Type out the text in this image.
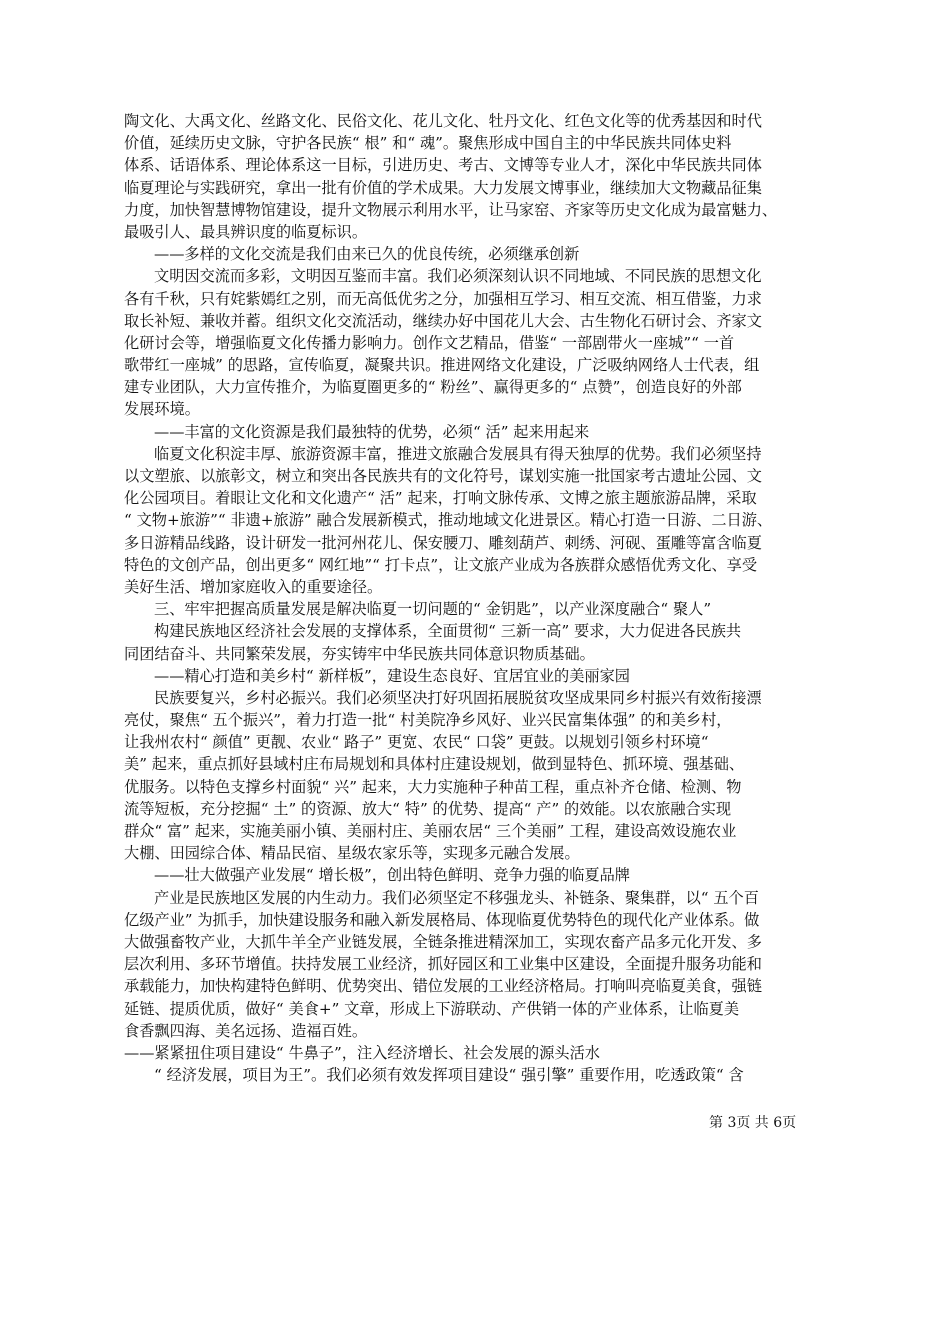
陶文化、大禹文化、丝路文化、民俗文化、花儿文化、牡丹文化、红色文化等的优秀基因和时代
价值，延续历史文脉，守护各民族“ 根” 和“ 魂”。聚焦形成中国自主的中华民族共同体史料
体系、话语体系、理论体系这一目标，引进历史、考古、文博等专业人才，深化中华民族共同体
临夏理论与实践研究，拿出一批有价值的学术成果。大力发展文博事业，继续加大文物藏品征集
力度，加快智慧博物馆建设，提升文物展示利用水平，让马家窑、齐家等历史文化成为最富魅力、
最吸引人、最具辨识度的临夏标识。
——多样的文化交流是我们由来已久的优良传统，必须继承创新
文明因交流而多彩，文明因互鉴而丰富。我们必须深刻认识不同地域、不同民族的思想文化
各有千秋，只有姹紫嫣红之别，而无高低优劣之分，加强相互学习、相互交流、相互借鉴，力求
取长补短、兼收并蓄。组织文化交流活动，继续办好中国花儿大会、古生物化石研讨会、齐家文
化研讨会等，增强临夏文化传播力影响力。创作文艺精品，借鉴“ 一部剧带火一座城”“ 一首
歌带红一座城” 的思路，宣传临夏，凝聚共识。推进网络文化建设，广泛吸纳网络人士代表，组
建专业团队，大力宣传推介，为临夏圈更多的“ 粉丝”、赢得更多的“ 点赞”，创造良好的外部
发展环境。
——丰富的文化资源是我们最独特的优势，必须“ 活” 起来用起来
临夏文化积淀丰厚、旅游资源丰富，推进文旅融合发展具有得天独厚的优势。我们必须坚持
以文塑旅、以旅彰文，树立和突出各民族共有的文化符号，谋划实施一批国家考古遗址公园、文
化公园项目。着眼让文化和文化遗产“ 活” 起来，打响文脉传承、文博之旅主题旅游品牌，采取
“ 文物+旅游”“ 非遗+旅游” 融合发展新模式，推动地域文化进景区。精心打造一日游、二日游、
多日游精品线路，设计研发一批河州花儿、保安腰刀、雕刻葫芦、刺绣、河砚、蛋雕等富含临夏
特色的文创产品，创出更多“ 网红地”“ 打卡点”，让文旅产业成为各族群众感悟优秀文化、享受
美好生活、增加家庭收入的重要途径。
三、牢牢把握高质量发展是解决临夏一切问题的“ 金钥匙”，以产业深度融合“ 聚人”
构建民族地区经济社会发展的支撑体系，全面贯彻“ 三新一高” 要求，大力促进各民族共
同团结奋斗、共同繁荣发展，夯实铸牢中华民族共同体意识物质基础。
——精心打造和美乡村“ 新样板”，建设生态良好、宜居宜业的美丽家园
民族要复兴，乡村必振兴。我们必须坚决打好巩固拓展脱贫攻坚成果同乡村振兴有效衔接漂
亮仗，聚焦“ 五个振兴”，着力打造一批“ 村美院净乡风好、业兴民富集体强” 的和美乡村，
让我州农村“ 颜值” 更靓、农业“ 路子” 更宽、农民“ 口袋” 更鼓。以规划引领乡村环境“
美” 起来，重点抓好县域村庄布局规划和具体村庄建设规划，做到显特色、抓环境、强基础、
优服务。以特色支撑乡村面貌“ 兴” 起来，大力实施种子种苗工程，重点补齐仓储、检测、物
流等短板，充分挖掘“ 土” 的资源、放大“ 特” 的优势、提高“ 产” 的效能。以农旅融合实现
群众“ 富” 起来，实施美丽小镇、美丽村庄、美丽农居“ 三个美丽” 工程，建设高效设施农业
大棚、田园综合体、精品民宿、星级农家乐等，实现多元融合发展。
——壮大做强产业发展“ 增长极”，创出特色鲜明、竞争力强的临夏品牌
产业是民族地区发展的内生动力。我们必须坚定不移强龙头、补链条、聚集群，以“ 五个百
亿级产业” 为抓手，加快建设服务和融入新发展格局、体现临夏优势特色的现代化产业体系。做
大做强畜牧产业，大抓牛羊全产业链发展，全链条推进精深加工，实现农畜产品多元化开发、多
层次利用、多环节增值。扶持发展工业经济，抓好园区和工业集中区建设，全面提升服务功能和
承载能力，加快构建特色鲜明、优势突出、错位发展的工业经济格局。打响叫亮临夏美食，强链
延链、提质优质，做好“ 美食+” 文章，形成上下游联动、产供销一体的产业体系，让临夏美
食香飘四海、美名远扬、造福百姓。
——紧紧扭住项目建设“ 牛鼻子”，注入经济增长、社会发展的源头活水
“ 经济发展，项目为王”。我们必须有效发挥项目建设“ 强引擎” 重要作用，吃透政策“ 含
第 3页 共 6页
